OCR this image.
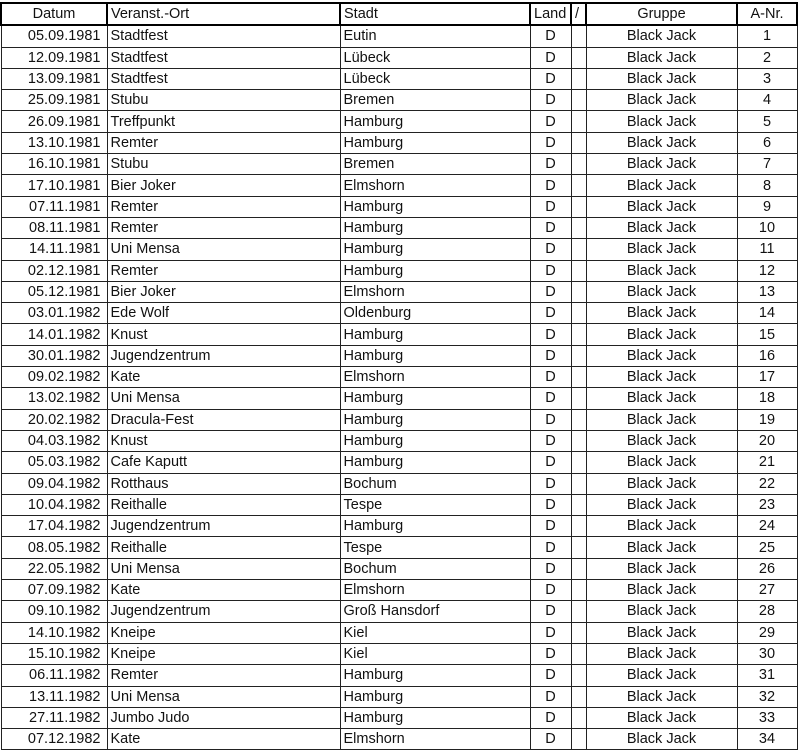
Datum	Veranst.-Ort	Stadt	Land	/	Gruppe	A-Nr.
05.09.1981	Stadtfest	Eutin	D		Black Jack	1
12.09.1981	Stadtfest	Lübeck	D		Black Jack	2
13.09.1981	Stadtfest	Lübeck	D		Black Jack	3
25.09.1981	Stubu	Bremen	D		Black Jack	4
26.09.1981	Treffpunkt	Hamburg	D		Black Jack	5
13.10.1981	Remter	Hamburg	D		Black Jack	6
16.10.1981	Stubu	Bremen	D		Black Jack	7
17.10.1981	Bier Joker	Elmshorn	D		Black Jack	8
07.11.1981	Remter	Hamburg	D		Black Jack	9
08.11.1981	Remter	Hamburg	D		Black Jack	10
14.11.1981	Uni Mensa	Hamburg	D		Black Jack	11
02.12.1981	Remter	Hamburg	D		Black Jack	12
05.12.1981	Bier Joker	Elmshorn	D		Black Jack	13
03.01.1982	Ede Wolf	Oldenburg	D		Black Jack	14
14.01.1982	Knust	Hamburg	D		Black Jack	15
30.01.1982	Jugendzentrum	Hamburg	D		Black Jack	16
09.02.1982	Kate	Elmshorn	D		Black Jack	17
13.02.1982	Uni Mensa	Hamburg	D		Black Jack	18
20.02.1982	Dracula-Fest	Hamburg	D		Black Jack	19
04.03.1982	Knust	Hamburg	D		Black Jack	20
05.03.1982	Cafe Kaputt	Hamburg	D		Black Jack	21
09.04.1982	Rotthaus	Bochum	D		Black Jack	22
10.04.1982	Reithalle	Tespe	D		Black Jack	23
17.04.1982	Jugendzentrum	Hamburg	D		Black Jack	24
08.05.1982	Reithalle	Tespe	D		Black Jack	25
22.05.1982	Uni Mensa	Bochum	D		Black Jack	26
07.09.1982	Kate	Elmshorn	D		Black Jack	27
09.10.1982	Jugendzentrum	Groß Hansdorf	D		Black Jack	28
14.10.1982	Kneipe	Kiel	D		Black Jack	29
15.10.1982	Kneipe	Kiel	D		Black Jack	30
06.11.1982	Remter	Hamburg	D		Black Jack	31
13.11.1982	Uni Mensa	Hamburg	D		Black Jack	32
27.11.1982	Jumbo Judo	Hamburg	D		Black Jack	33
07.12.1982	Kate	Elmshorn	D		Black Jack	34
